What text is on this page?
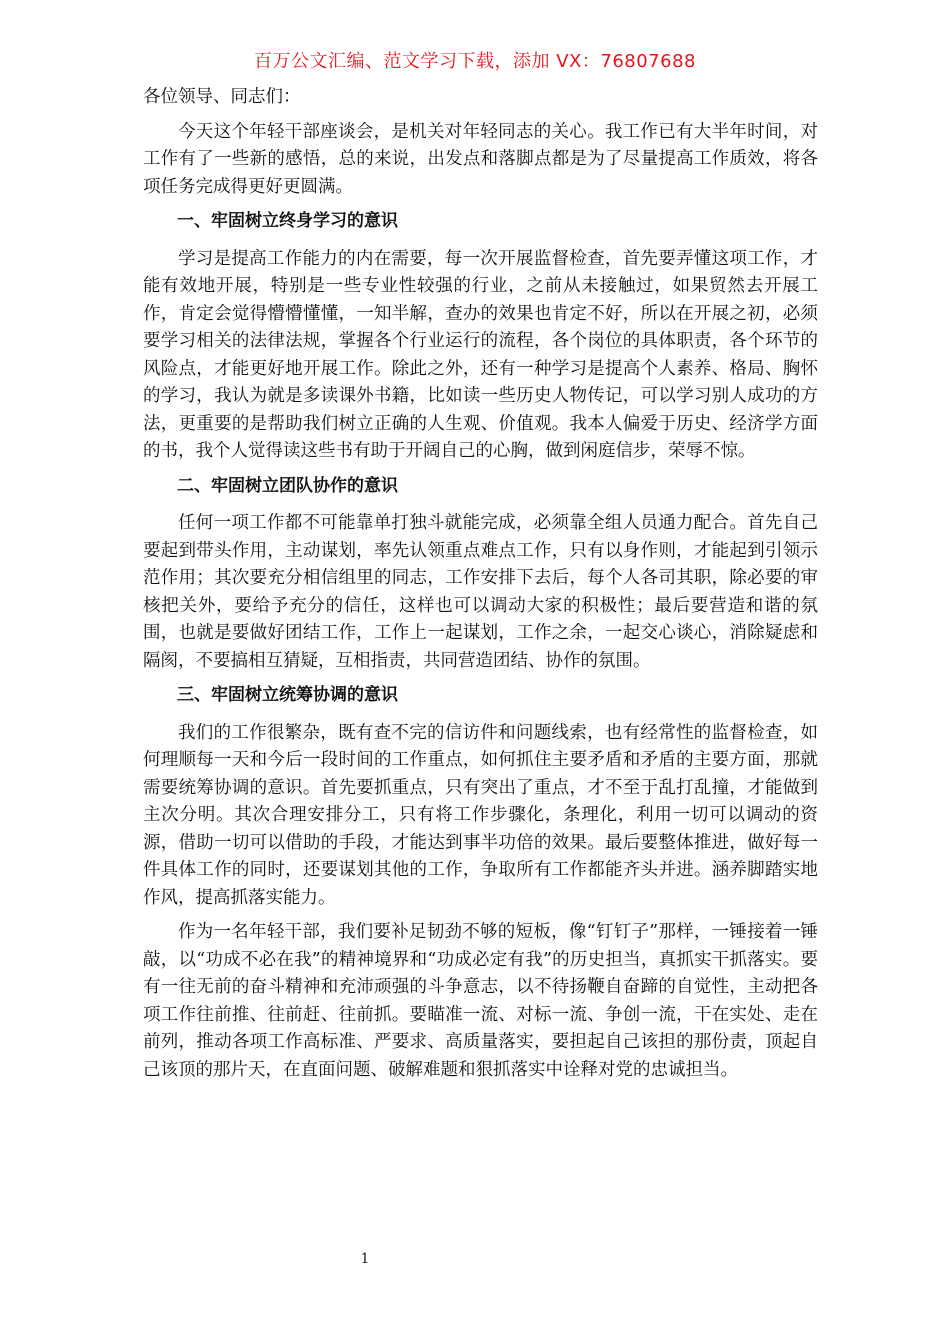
百万公文汇编、范文学习下载，添加 VX：76807688

各位领导、同志们：

今天这个年轻干部座谈会，是机关对年轻同志的关心。我工作已有大半年时间，对工作有了一些新的感悟，总的来说，出发点和落脚点都是为了尽量提高工作质效，将各项任务完成得更好更圆满。

一、牢固树立终身学习的意识

学习是提高工作能力的内在需要，每一次开展监督检查，首先要弄懂这项工作，才能有效地开展，特别是一些专业性较强的行业，之前从未接触过，如果贸然去开展工作，肯定会觉得懵懵懂懂，一知半解，查办的效果也肯定不好，所以在开展之初，必须要学习相关的法律法规，掌握各个行业运行的流程，各个岗位的具体职责，各个环节的风险点，才能更好地开展工作。除此之外，还有一种学习是提高个人素养、格局、胸怀的学习，我认为就是多读课外书籍，比如读一些历史人物传记，可以学习别人成功的方法，更重要的是帮助我们树立正确的人生观、价值观。我本人偏爱于历史、经济学方面的书，我个人觉得读这些书有助于开阔自己的心胸，做到闲庭信步，荣辱不惊。

二、牢固树立团队协作的意识

任何一项工作都不可能靠单打独斗就能完成，必须靠全组人员通力配合。首先自己要起到带头作用，主动谋划，率先认领重点难点工作，只有以身作则，才能起到引领示范作用；其次要充分相信组里的同志，工作安排下去后，每个人各司其职，除必要的审核把关外，要给予充分的信任，这样也可以调动大家的积极性；最后要营造和谐的氛围，也就是要做好团结工作，工作上一起谋划，工作之余，一起交心谈心，消除疑虑和隔阂，不要搞相互猜疑，互相指责，共同营造团结、协作的氛围。

三、牢固树立统筹协调的意识

我们的工作很繁杂，既有查不完的信访件和问题线索，也有经常性的监督检查，如何理顺每一天和今后一段时间的工作重点，如何抓住主要矛盾和矛盾的主要方面，那就需要统筹协调的意识。首先要抓重点，只有突出了重点，才不至于乱打乱撞，才能做到主次分明。其次合理安排分工，只有将工作步骤化，条理化，利用一切可以调动的资源，借助一切可以借助的手段，才能达到事半功倍的效果。最后要整体推进，做好每一件具体工作的同时，还要谋划其他的工作，争取所有工作都能齐头并进。涵养脚踏实地作风，提高抓落实能力。

作为一名年轻干部，我们要补足韧劲不够的短板，像“钉钉子”那样，一锤接着一锤敲，以“功成不必在我”的精神境界和“功成必定有我”的历史担当，真抓实干抓落实。要有一往无前的奋斗精神和充沛顽强的斗争意志，以不待扬鞭自奋蹄的自觉性，主动把各项工作往前推、往前赶、往前抓。要瞄准一流、对标一流、争创一流，干在实处、走在前列，推动各项工作高标准、严要求、高质量落实，要担起自己该担的那份责，顶起自己该顶的那片天，在直面问题、破解难题和狠抓落实中诠释对党的忠诚担当。

1
